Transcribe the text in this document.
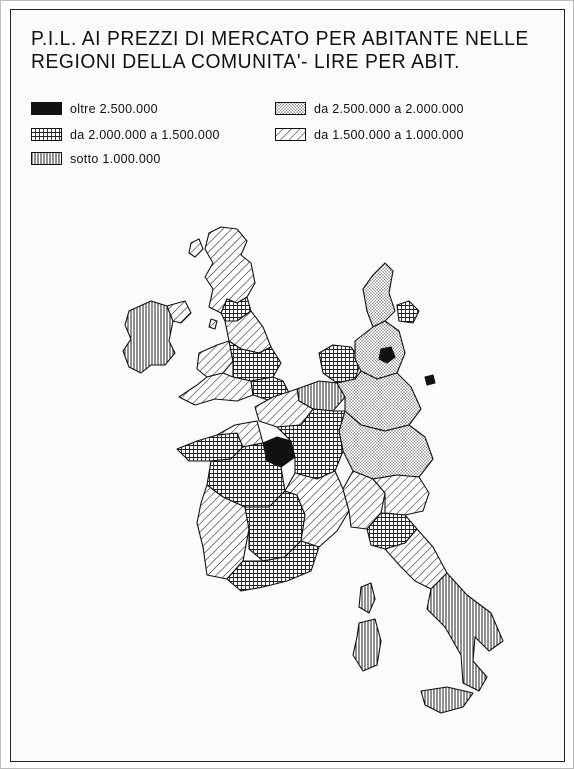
P.I.L. AI PREZZI DI MERCATO PER ABITANTE NELLE
REGIONI DELLA COMUNITA'- LIRE PER ABIT.
oltre 2.500.000
da 2.000.000 a 1.500.000
sotto 1.000.000
da 2.500.000 a 2.000.000
da 1.500.000 a 1.000.000
